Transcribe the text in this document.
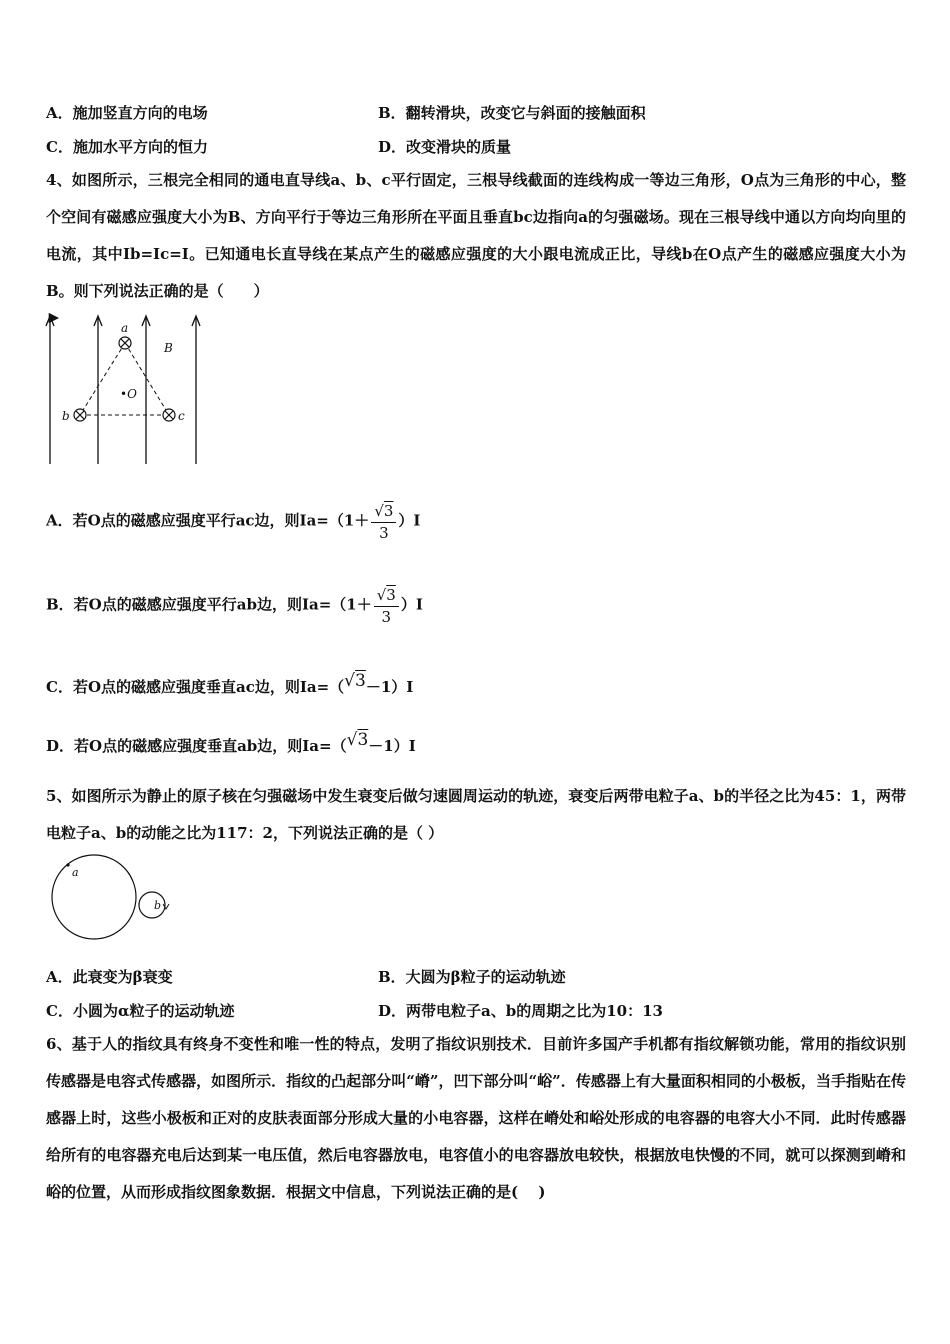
A．施加竖直方向的电场	B．翻转滑块，改变它与斜面的接触面积
C．施加水平方向的恒力	D．改变滑块的质量
4、如图所示，三根完全相同的通电直导线a、b、c平行固定，三根导线截面的连线构成一等边三角形，O点为三角形的中心，整个空间有磁感应强度大小为B、方向平行于等边三角形所在平面且垂直bc边指向a的匀强磁场。现在三根导线中通以方向均向里的电流，其中Ib=Ic=I。已知通电长直导线在某点产生的磁感应强度的大小跟电流成正比，导线b在O点产生的磁感应强度大小为B。则下列说法正确的是（　　）
a
b	c
•O
B
A．若O点的磁感应强度平行ac边，则$Ia=(1+ \frac{√3}{3} )I$
B．若O点的磁感应强度平行ab边，则$Ia=(1+ \frac{√3}{3} )I$
C．若O点的磁感应强度垂直ac边，则Ia=（√3－1）I
D．若O点的磁感应强度垂直ab边，则Ia=（√3－1）I
5、如图所示为静止的原子核在匀强磁场中发生衰变后做匀速圆周运动的轨迹，衰变后两带电粒子a、b的半径之比为45：1，两带电粒子a、b的动能之比为117：2，下列说法正确的是（ ）
a
b
A．此衰变为β衰变	B．大圆为β粒子的运动轨迹
C．小圆为α粒子的运动轨迹	D．两带电粒子a、b的周期之比为10：13
6、基于人的指纹具有终身不变性和唯一性的特点，发明了指纹识别技术．目前许多国产手机都有指纹解锁功能，常用的指纹识别传感器是电容式传感器，如图所示．指纹的凸起部分叫“嵴”，凹下部分叫“峪”．传感器上有大量面积相同的小极板，当手指贴在传感器上时，这些小极板和正对的皮肤表面部分形成大量的小电容器，这样在嵴处和峪处形成的电容器的电容大小不同．此时传感器给所有的电容器充电后达到某一电压值，然后电容器放电，电容值小的电容器放电较快，根据放电快慢的不同，就可以探测到嵴和峪的位置，从而形成指纹图象数据．根据文中信息，下列说法正确的是(　 )
